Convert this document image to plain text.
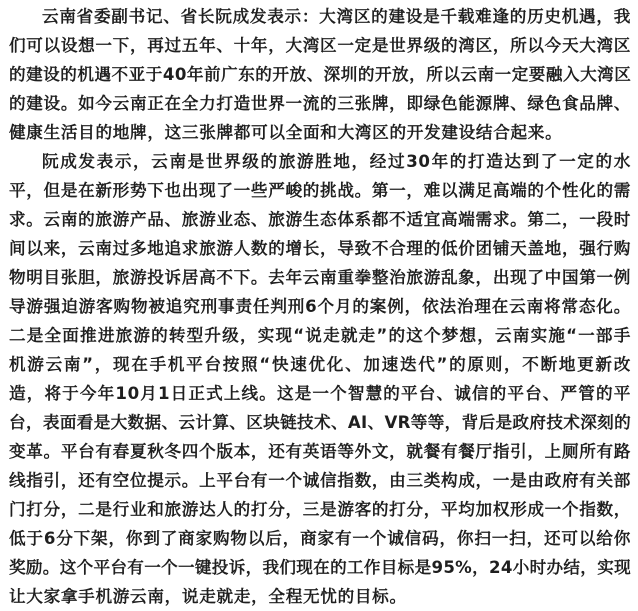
云南省委副书记、省长阮成发表示：大湾区的建设是千载难逢的历史机遇，我
们可以设想一下，再过五年、十年，大湾区一定是世界级的湾区，所以今天大湾区
的建设的机遇不亚于40年前广东的开放、深圳的开放，所以云南一定要融入大湾区
的建设。如今云南正在全力打造世界一流的三张牌，即绿色能源牌、绿色食品牌、
健康生活目的地牌，这三张牌都可以全面和大湾区的开发建设结合起来。
阮成发表示，云南是世界级的旅游胜地，经过30年的打造达到了一定的水
平，但是在新形势下也出现了一些严峻的挑战。第一，难以满足高端的个性化的需
求。云南的旅游产品、旅游业态、旅游生态体系都不适宜高端需求。第二，一段时
间以来，云南过多地追求旅游人数的增长，导致不合理的低价团铺天盖地，强行购
物明目张胆，旅游投诉居高不下。去年云南重拳整治旅游乱象，出现了中国第一例
导游强迫游客购物被追究刑事责任判刑6个月的案例，依法治理在云南将常态化。
二是全面推进旅游的转型升级，实现“说走就走”的这个梦想，云南实施“一部手
机游云南”，现在手机平台按照“快速优化、加速迭代”的原则，不断地更新改
造，将于今年10月1日正式上线。这是一个智慧的平台、诚信的平台、严管的平
台，表面看是大数据、云计算、区块链技术、AI、VR等等，背后是政府技术深刻的
变革。平台有春夏秋冬四个版本，还有英语等外文，就餐有餐厅指引，上厕所有路
线指引，还有空位提示。上平台有一个诚信指数，由三类构成，一是由政府有关部
门打分，二是行业和旅游达人的打分，三是游客的打分，平均加权形成一个指数，
低于6分下架，你到了商家购物以后，商家有一个诚信码，你扫一扫，还可以给你
奖励。这个平台有一个一键投诉，我们现在的工作目标是95%，24小时办结，实现
让大家拿手机游云南，说走就走，全程无忧的目标。
